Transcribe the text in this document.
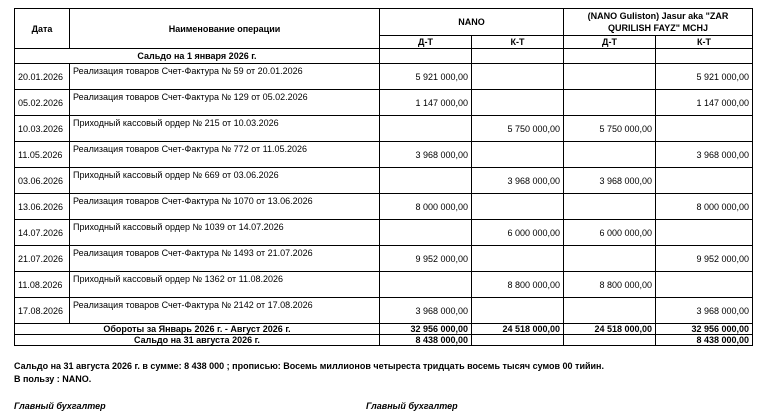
Дата	Наименование операции	NANO		(NANO Guliston) Jasur aka "ZAR QURILISH FAYZ" MCHJ	
		Д-Т	К-Т	Д-Т	К-Т
Сальдо на 1 января 2026 г.					
20.01.2026	Реализация товаров Счет-Фактура № 59 от 20.01.2026	5 921 000,00			5 921 000,00
05.02.2026	Реализация товаров Счет-Фактура № 129 от 05.02.2026	1 147 000,00			1 147 000,00
10.03.2026	Приходный кассовый ордер № 215 от 10.03.2026		5 750 000,00	5 750 000,00	
11.05.2026	Реализация товаров Счет-Фактура № 772 от 11.05.2026	3 968 000,00			3 968 000,00
03.06.2026	Приходный кассовый ордер № 669 от 03.06.2026		3 968 000,00	3 968 000,00	
13.06.2026	Реализация товаров Счет-Фактура № 1070 от 13.06.2026	8 000 000,00			8 000 000,00
14.07.2026	Приходный кассовый ордер № 1039 от 14.07.2026		6 000 000,00	6 000 000,00	
21.07.2026	Реализация товаров Счет-Фактура № 1493 от 21.07.2026	9 952 000,00			9 952 000,00
11.08.2026	Приходный кассовый ордер № 1362 от 11.08.2026		8 800 000,00	8 800 000,00	
17.08.2026	Реализация товаров Счет-Фактура № 2142 от 17.08.2026	3 968 000,00			3 968 000,00
Обороты за Январь 2026 г. - Август 2026 г.		32 956 000,00	24 518 000,00	24 518 000,00	32 956 000,00
Сальдо на 31 августа 2026 г.		8 438 000,00			8 438 000,00
Сальдо на 31 августа 2026 г. в сумме: 8 438 000 ; прописью: Восемь миллионов четыреста тридцать восемь тысяч сумов 00 тийин.
В пользу : NANO.
Главный бухгалтер	Главный бухгалтер
